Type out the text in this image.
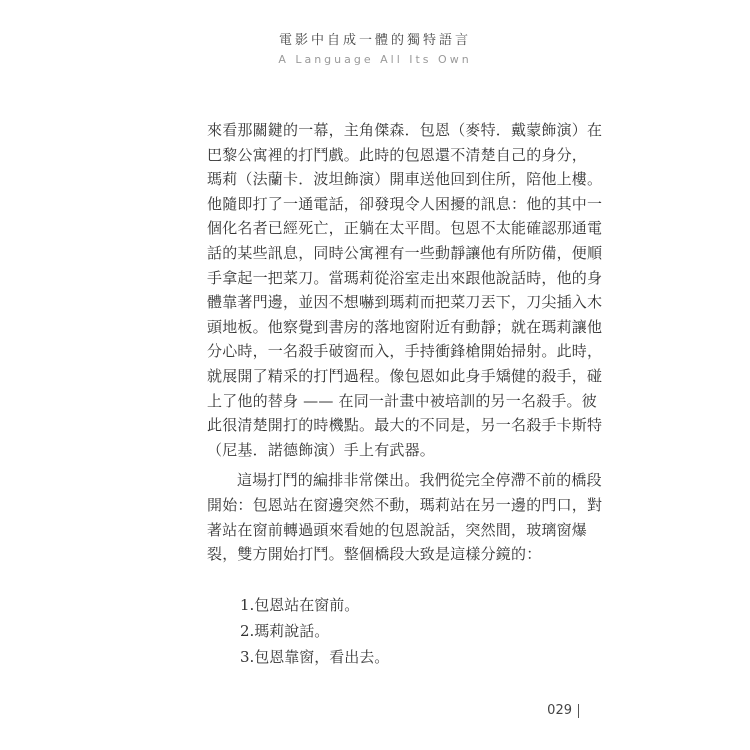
電影中自成一體的獨特語言
A Language All Its Own
來看那關鍵的一幕，主角傑森．包恩（麥特．戴蒙飾演）在
巴黎公寓裡的打鬥戲。此時的包恩還不清楚自己的身分，
瑪莉（法蘭卡．波坦飾演）開車送他回到住所，陪他上樓。
他隨即打了一通電話，卻發現令人困擾的訊息：他的其中一
個化名者已經死亡，正躺在太平間。包恩不太能確認那通電
話的某些訊息，同時公寓裡有一些動靜讓他有所防備，便順
手拿起一把菜刀。當瑪莉從浴室走出來跟他說話時，他的身
體靠著門邊，並因不想嚇到瑪莉而把菜刀丟下，刀尖插入木
頭地板。他察覺到書房的落地窗附近有動靜；就在瑪莉讓他
分心時，一名殺手破窗而入，手持衝鋒槍開始掃射。此時，
就展開了精采的打鬥過程。像包恩如此身手矯健的殺手，碰
上了他的替身 —— 在同一計畫中被培訓的另一名殺手。彼
此很清楚開打的時機點。最大的不同是，另一名殺手卡斯特
（尼基．諾德飾演）手上有武器。
這場打鬥的編排非常傑出。我們從完全停滯不前的橋段
開始：包恩站在窗邊突然不動，瑪莉站在另一邊的門口，對
著站在窗前轉過頭來看她的包恩說話，突然間，玻璃窗爆
裂，雙方開始打鬥。整個橋段大致是這樣分鏡的：
1.包恩站在窗前。
2.瑪莉說話。
3.包恩靠窗，看出去。
029
